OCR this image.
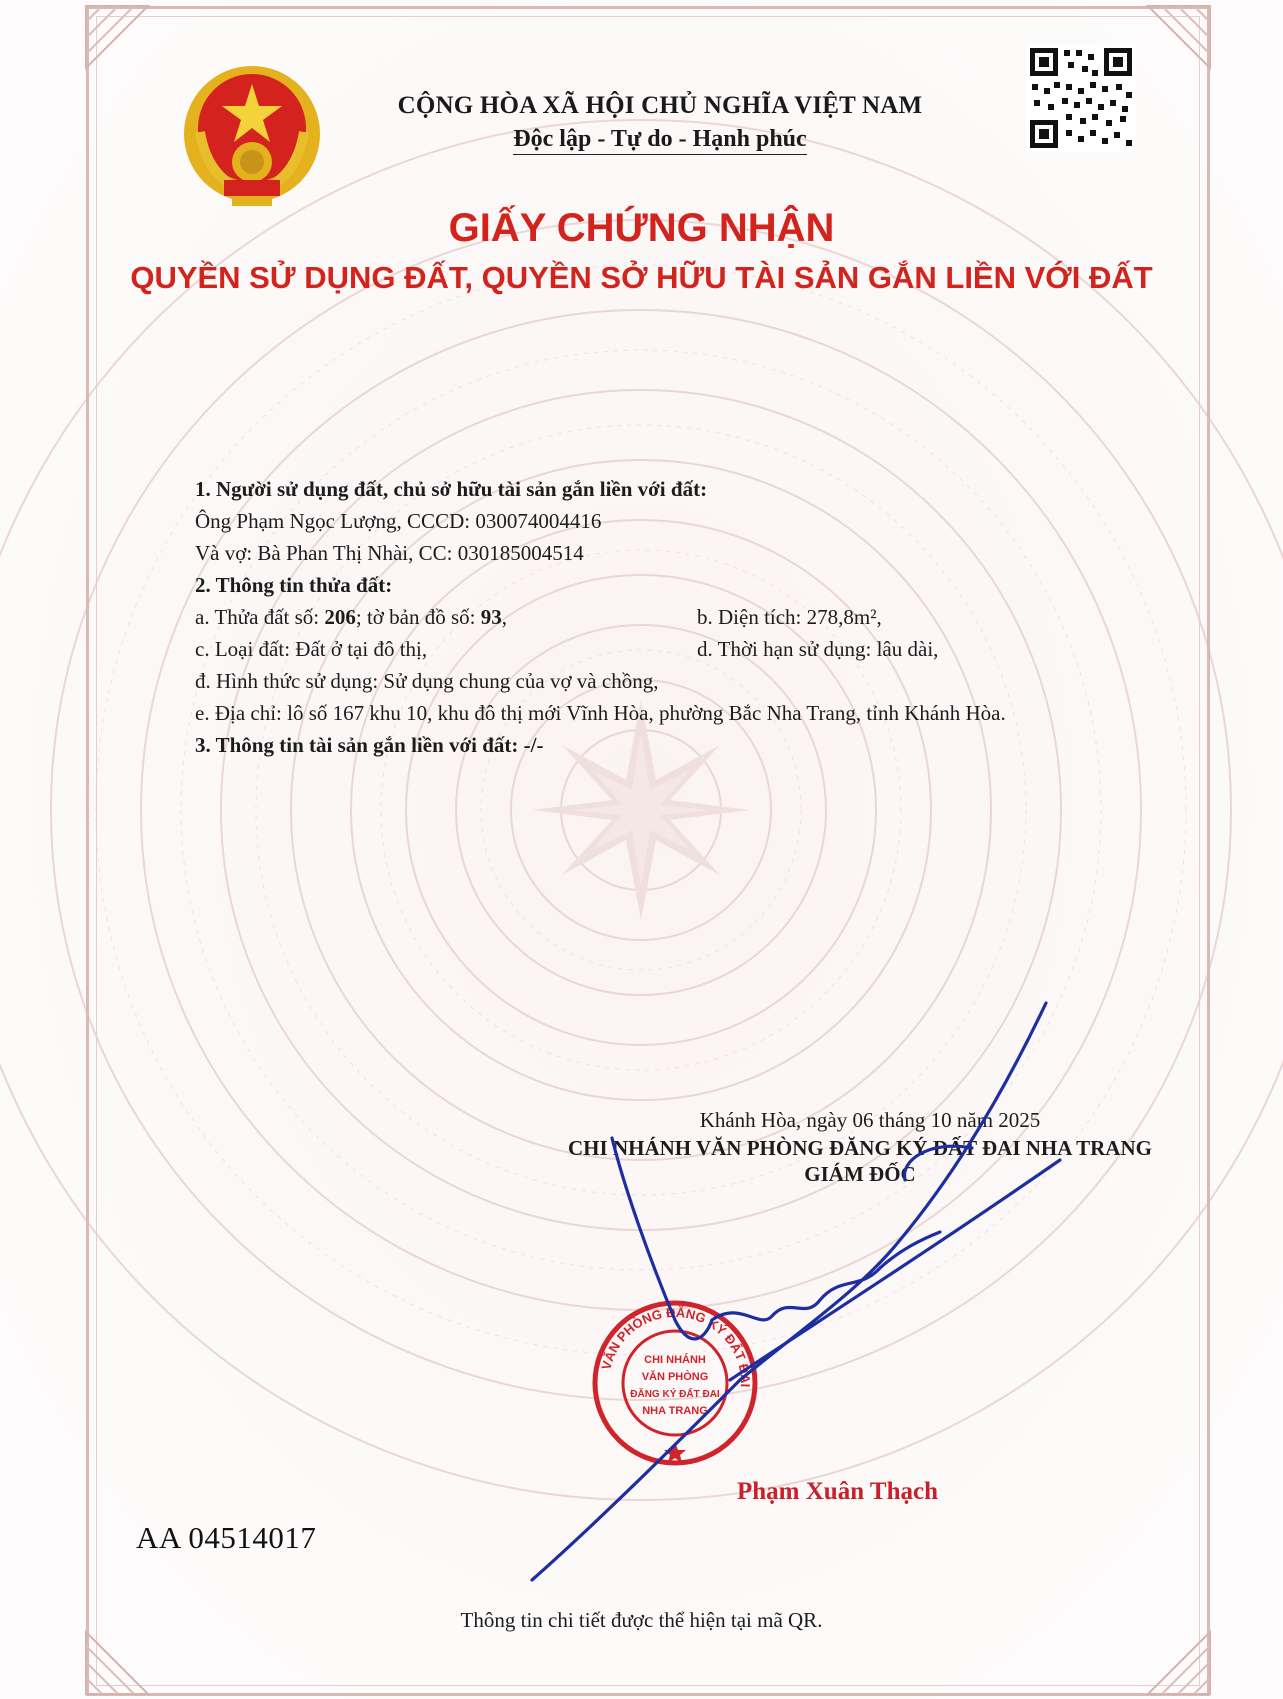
CỘNG HÒA XÃ HỘI CHỦ NGHĨA VIỆT NAM
Độc lập - Tự do - Hạnh phúc
GIẤY CHỨNG NHẬN
QUYỀN SỬ DỤNG ĐẤT, QUYỀN SỞ HỮU TÀI SẢN GẮN LIỀN VỚI ĐẤT
1. Người sử dụng đất, chủ sở hữu tài sản gắn liền với đất:
Ông Phạm Ngọc Lượng, CCCD: 030074004416
Và vợ: Bà Phan Thị Nhài, CC: 030185004514
2. Thông tin thửa đất:
a. Thửa đất số: 206; tờ bản đồ số: 93,	b. Diện tích: 278,8m²,
c. Loại đất: Đất ở tại đô thị,	d. Thời hạn sử dụng: lâu dài,
đ. Hình thức sử dụng: Sử dụng chung của vợ và chồng,
e. Địa chỉ: lô số 167 khu 10, khu đô thị mới Vĩnh Hòa, phường Bắc Nha Trang, tỉnh Khánh Hòa.
3. Thông tin tài sản gắn liền với đất: -/-
Khánh Hòa, ngày 06 tháng 10 năm 2025
CHI NHÁNH VĂN PHÒNG ĐĂNG KÝ ĐẤT ĐAI NHA TRANG
GIÁM ĐỐC
VĂN PHÒNG ĐĂNG KÝ ĐẤT ĐAI
CHI NHÁNH
VĂN PHÒNG
ĐĂNG KÝ ĐẤT ĐAI
NHA TRANG
Phạm Xuân Thạch
AA 04514017
Thông tin chi tiết được thể hiện tại mã QR.
